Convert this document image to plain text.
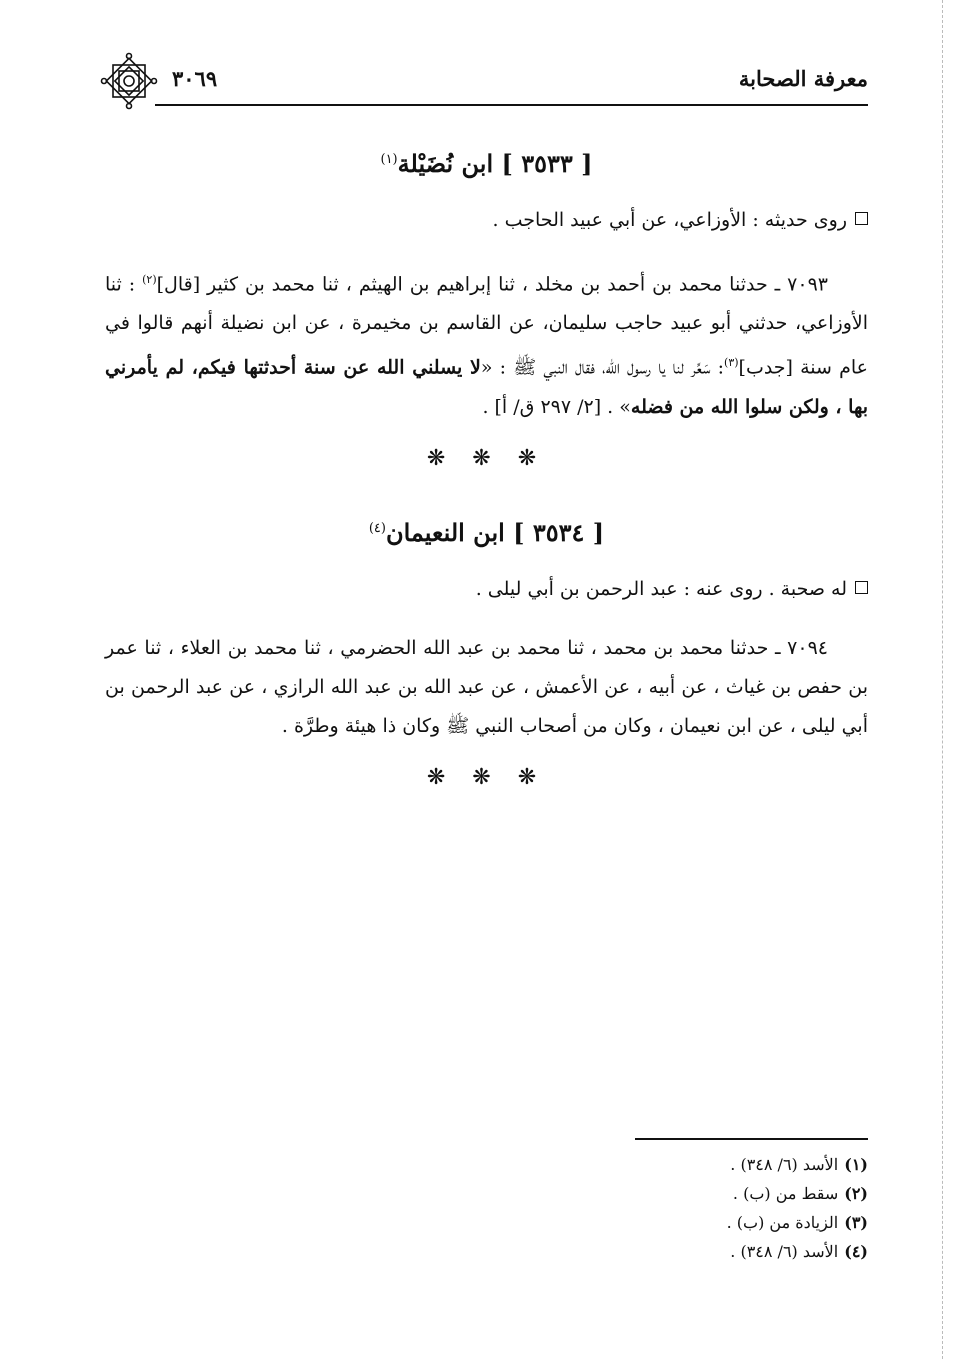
معرفة الصحابة
٣٠٦٩
[ ٣٥٣٣ ] ابن نُضَيْلة$^{(١)}$

روى حديثه : الأوزاعي، عن أبي عبيد الحاجب .

٧٠٩٣ ـ حدثنا محمد بن أحمد بن مخلد ، ثنا إبراهيم بن الهيثم ، ثنا محمد بن كثير [قال]$^{(٢)}$ : ثنا الأوزاعي، حدثني أبو عبيد حاجب سليمان، عن القاسم بن مخيمرة ، عن ابن نضيلة أنهم قالوا في عام سنة [جدب]$^{(٣)}$: سَعِّر لنا يا رسول الله، فقال النبي ﷺ : «لا يسلني الله عن سنة أحدثتها فيكم، لم يأمرني بها ، ولكن سلوا الله من فضله» . [٢/ ٢٩٧ ق/ أ] .

❋ ❋ ❋
[ ٣٥٣٤ ] ابن النعيمان$^{(٤)}$

له صحبة . روى عنه : عبد الرحمن بن أبي ليلى .

٧٠٩٤ ـ حدثنا محمد بن محمد ، ثنا محمد بن عبد الله الحضرمي ، ثنا محمد بن العلاء ، ثنا عمر بن حفص بن غياث ، عن أبيه ، عن الأعمش ، عن عبد الله بن عبد الله الرازي ، عن عبد الرحمن بن أبي ليلى ، عن ابن نعيمان ، وكان من أصحاب النبي ﷺ وكان ذا هيئة وطرَّة .

❋ ❋ ❋
(١)الأسد (٦/ ٣٤٨) .
(٢)سقط من (ب) .
(٣)الزيادة من (ب) .
(٤)الأسد (٦/ ٣٤٨) .
